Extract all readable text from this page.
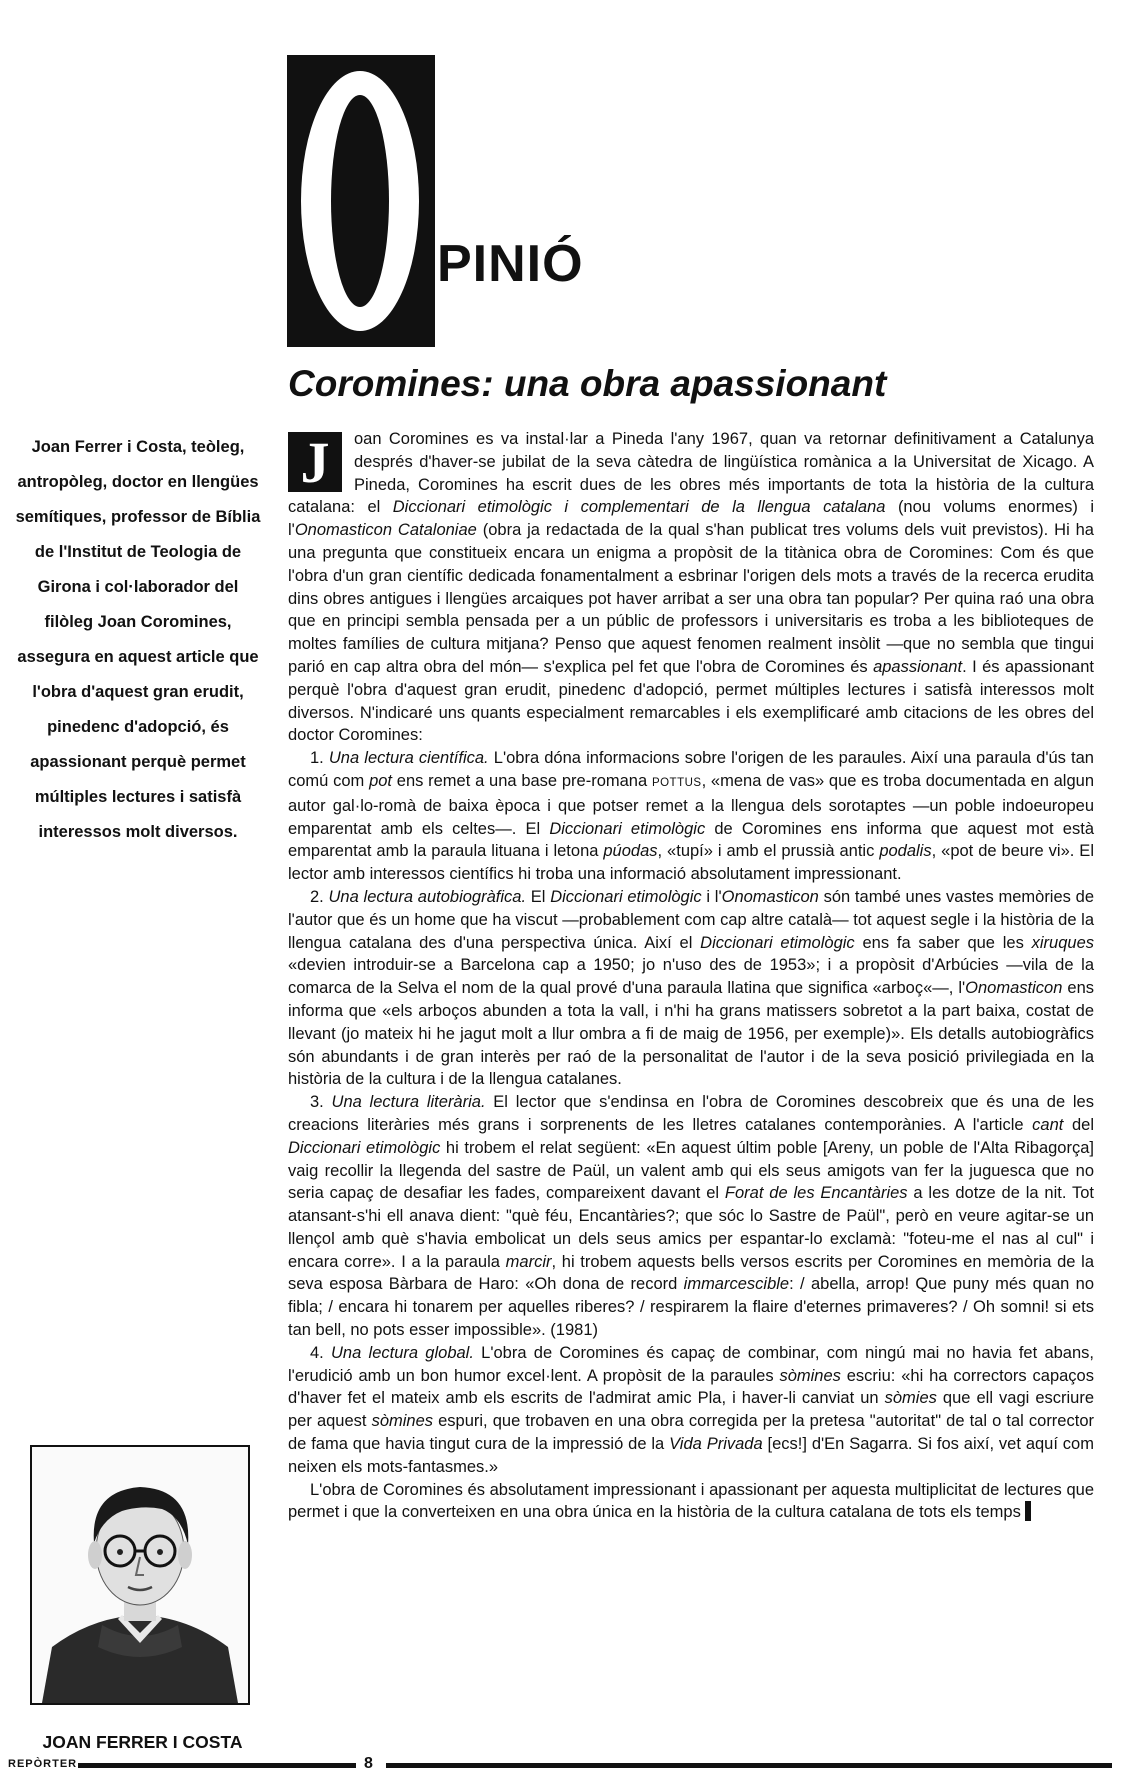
PINIÓ
Coromines: una obra apassionant
Joan Ferrer i Costa, teòleg, antropòleg, doctor en llengües semítiques, professor de Bíblia de l'Institut de Teologia de Girona i col·laborador del filòleg Joan Coromines, assegura en aquest article que l'obra d'aquest gran erudit, pinedenc d'adopció, és apassionant perquè permet múltiples lectures i satisfà interessos molt diversos.
JOAN FERRER I COSTA

J	oan Coromines es va instal·lar a Pineda l'any 1967, quan va retornar definitivament a Catalunya després d'haver-se jubilat de la seva càtedra de lingüística romànica a la Universitat de Xicago. A Pineda, Coromines ha escrit dues de les obres més importants de tota la història de la cultura catalana: el Diccionari etimològic i complementari de la llengua catalana (nou volums enormes) i l'Onomasticon Cataloniae (obra ja redactada de la qual s'han publicat tres volums dels vuit previstos). Hi ha una pregunta que constitueix encara un enigma a propòsit de la titànica obra de Coromines: Com és que l'obra d'un gran científic dedicada fonamentalment a esbrinar l'origen dels mots a través de la recerca erudita dins obres antigues i llengües arcaiques pot haver arribat a ser una obra tan popular? Per quina raó una obra que en principi sembla pensada per a un públic de professors i universitaris es troba a les biblioteques de moltes famílies de cultura mitjana? Penso que aquest fenomen realment insòlit —que no sembla que tingui parió en cap altra obra del món— s'explica pel fet que l'obra de Coromines és apassionant. I és apassionant perquè l'obra d'aquest gran erudit, pinedenc d'adopció, permet múltiples lectures i satisfà interessos molt diversos. N'indicaré uns quants especialment remarcables i els exemplificaré amb citacions de les obres del doctor Coromines:

1. Una lectura científica. L'obra dóna informacions sobre l'origen de les paraules. Així una paraula d'ús tan comú com pot ens remet a una base pre-romana POTTUS, «mena de vas» que es troba documentada en algun autor gal·lo-romà de baixa època i que potser remet a la llengua dels sorotaptes —un poble indoeuropeu emparentat amb els celtes—. El Diccionari etimològic de Coromines ens informa que aquest mot està emparentat amb la paraula lituana i letona púodas, «tupí» i amb el prussià antic podalis, «pot de beure vi». El lector amb interessos científics hi troba una informació absolutament impressionant.

2. Una lectura autobiogràfica. El Diccionari etimològic i l'Onomasticon són també unes vastes memòries de l'autor que és un home que ha viscut —probablement com cap altre català— tot aquest segle i la història de la llengua catalana des d'una perspectiva única. Així el Diccionari etimològic ens fa saber que les xiruques «devien introduir-se a Barcelona cap a 1950; jo n'uso des de 1953»; i a propòsit d'Arbúcies —vila de la comarca de la Selva el nom de la qual prové d'una paraula llatina que significa «arboç«—, l'Onomasticon ens informa que «els arboços abunden a tota la vall, i n'hi ha grans matissers sobretot a la part baixa, costat de llevant (jo mateix hi he jagut molt a llur ombra a fi de maig de 1956, per exemple)». Els detalls autobiogràfics són abundants i de gran interès per raó de la personalitat de l'autor i de la seva posició privilegiada en la història de la cultura i de la llengua catalanes.

3. Una lectura literària. El lector que s'endinsa en l'obra de Coromines descobreix que és una de les creacions literàries més grans i sorprenents de les lletres catalanes contemporànies. A l'article cant del Diccionari etimològic hi trobem el relat següent: «En aquest últim poble [Areny, un poble de l'Alta Ribagorça] vaig recollir la llegenda del sastre de Paül, un valent amb qui els seus amigots van fer la juguesca que no seria capaç de desafiar les fades, compareixent davant el Forat de les Encantàries a les dotze de la nit. Tot atansant-s'hi ell anava dient: "què féu, Encantàries?; que sóc lo Sastre de Paül", però en veure agitar-se un llençol amb què s'havia embolicat un dels seus amics per espantar-lo exclamà: "foteu-me el nas al cul" i encara corre». I a la paraula marcir, hi trobem aquests bells versos escrits per Coromines en memòria de la seva esposa Bàrbara de Haro: «Oh dona de record immarcescible: / abella, arrop! Que puny més quan no fibla; / encara hi tonarem per aquelles riberes? / respirarem la flaire d'eternes primaveres? / Oh somni! si ets tan bell, no pots esser impossible». (1981)

4. Una lectura global. L'obra de Coromines és capaç de combinar, com ningú mai no havia fet abans, l'erudició amb un bon humor excel·lent. A propòsit de la paraules sòmines escriu: «hi ha correctors capaços d'haver fet el mateix amb els escrits de l'admirat amic Pla, i haver-li canviat un sòmies que ell vagi escriure per aquest sòmines espuri, que trobaven en una obra corregida per la pretesa "autoritat" de tal o tal corrector de fama que havia tingut cura de la impressió de la Vida Privada [ecs!] d'En Sagarra. Si fos així, vet aquí com neixen els mots-fantasmes.»

L'obra de Coromines és absolutament impressionant i apassionant per aquesta multiplicitat de lectures que permet i que la converteixen en una obra única en la història de la cultura catalana de tots els temps

REPÒRTER	8
